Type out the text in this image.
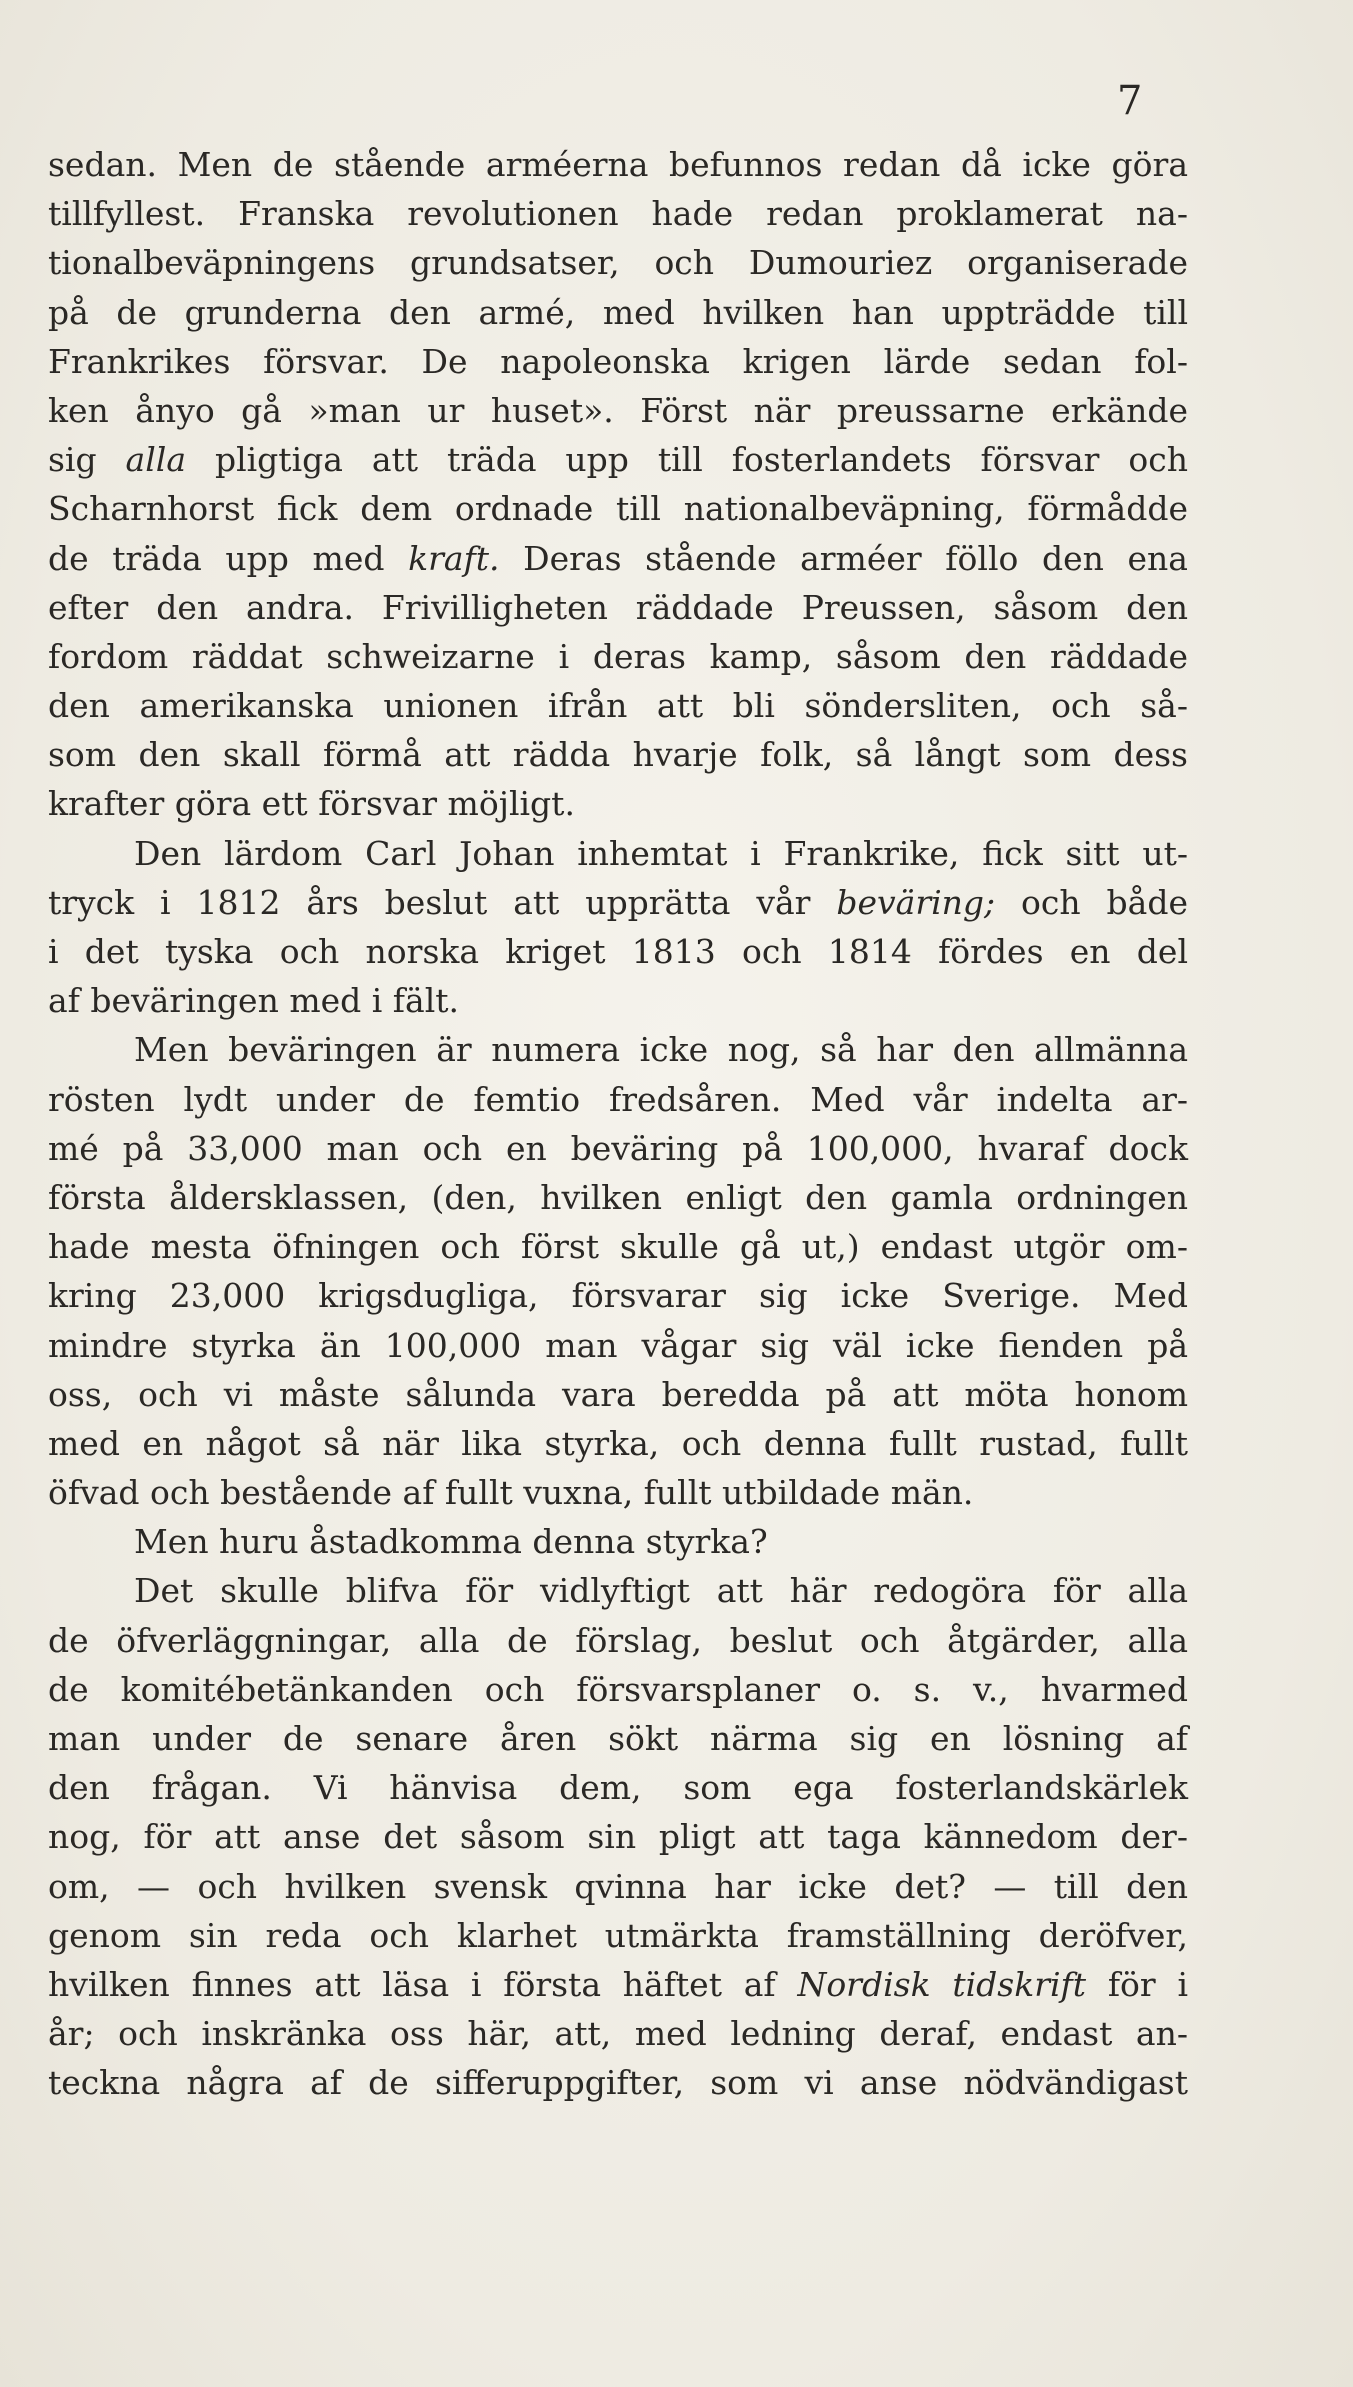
7
sedan. Men de stående arméerna befunnos redan då icke göra
tillfyllest. Franska revolutionen hade redan proklamerat na-
tionalbeväpningens grundsatser, och Dumouriez organiserade
på de grunderna den armé, med hvilken han uppträdde till
Frankrikes försvar. De napoleonska krigen lärde sedan fol-
ken ånyo gå »man ur huset». Först när preussarne erkände
sig alla pligtiga att träda upp till fosterlandets försvar och
Scharnhorst fick dem ordnade till nationalbeväpning, förmådde
de träda upp med kraft. Deras stående arméer föllo den ena
efter den andra. Frivilligheten räddade Preussen, såsom den
fordom räddat schweizarne i deras kamp, såsom den räddade
den amerikanska unionen ifrån att bli söndersliten, och så-
som den skall förmå att rädda hvarje folk, så långt som dess
krafter göra ett försvar möjligt.
Den lärdom Carl Johan inhemtat i Frankrike, fick sitt ut-
tryck i 1812 års beslut att upprätta vår beväring; och både
i det tyska och norska kriget 1813 och 1814 fördes en del
af beväringen med i fält.
Men beväringen är numera icke nog, så har den allmänna
rösten lydt under de femtio fredsåren. Med vår indelta ar-
mé på 33,000 man och en beväring på 100,000, hvaraf dock
första åldersklassen, (den, hvilken enligt den gamla ordningen
hade mesta öfningen och först skulle gå ut,) endast utgör om-
kring 23,000 krigsdugliga, försvarar sig icke Sverige. Med
mindre styrka än 100,000 man vågar sig väl icke fienden på
oss, och vi måste sålunda vara beredda på att möta honom
med en något så när lika styrka, och denna fullt rustad, fullt
öfvad och bestående af fullt vuxna, fullt utbildade män.
Men huru åstadkomma denna styrka?
Det skulle blifva för vidlyftigt att här redogöra för alla
de öfverläggningar, alla de förslag, beslut och åtgärder, alla
de komitébetänkanden och försvarsplaner o. s. v., hvarmed
man under de senare åren sökt närma sig en lösning af
den frågan. Vi hänvisa dem, som ega fosterlandskärlek
nog, för att anse det såsom sin pligt att taga kännedom der-
om, — och hvilken svensk qvinna har icke det? — till den
genom sin reda och klarhet utmärkta framställning deröfver,
hvilken finnes att läsa i första häftet af Nordisk tidskrift för i
år; och inskränka oss här, att, med ledning deraf, endast an-
teckna några af de sifferuppgifter, som vi anse nödvändigast
